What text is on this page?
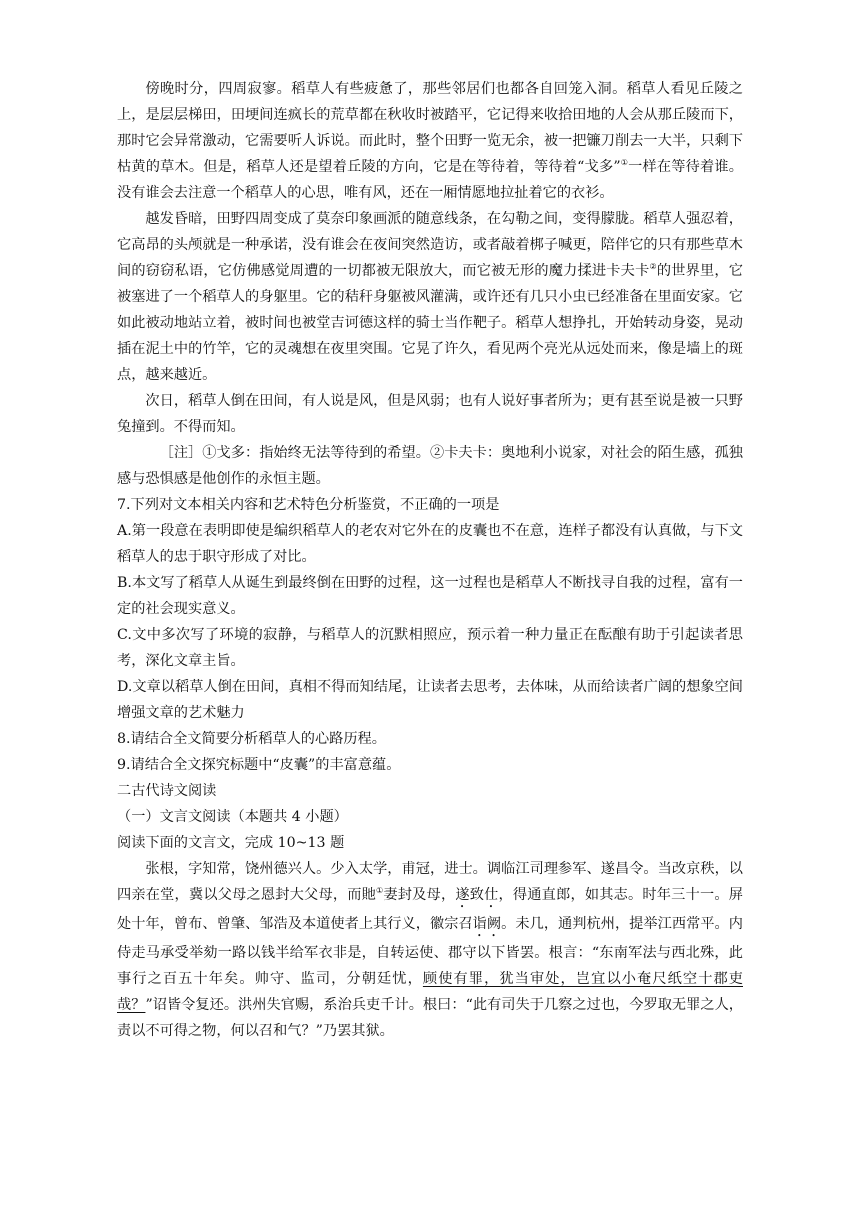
傍晚时分，四周寂寥。稻草人有些疲惫了，那些邻居们也都各自回笼入洞。稻草人看见丘陵之上，是层层梯田，田埂间连疯长的荒草都在秋收时被踏平，它记得来收拾田地的人会从那丘陵而下，那时它会异常激动，它需要听人诉说。而此时，整个田野一览无余，被一把镰刀削去一大半，只剩下枯黄的草木。但是，稻草人还是望着丘陵的方向，它是在等待着，等待着“戈多”①一样在等待着谁。没有谁会去注意一个稻草人的心思，唯有风，还在一厢情愿地拉扯着它的衣衫。

越发昏暗，田野四周变成了莫奈印象画派的随意线条，在勾勒之间，变得朦胧。稻草人强忍着，它高昂的头颅就是一种承诺，没有谁会在夜间突然造访，或者敲着梆子喊更，陪伴它的只有那些草木间的窃窃私语，它仿佛感觉周遭的一切都被无限放大，而它被无形的魔力揉进卡夫卡②的世界里，它被塞进了一个稻草人的身躯里。它的秸秆身躯被风灌满，或许还有几只小虫已经准备在里面安家。它如此被动地站立着，被时间也被堂吉诃德这样的骑士当作靶子。稻草人想挣扎，开始转动身姿，晃动插在泥土中的竹竿，它的灵魂想在夜里突围。它晃了许久，看见两个亮光从远处而来，像是墙上的斑点，越来越近。

次日，稻草人倒在田间，有人说是风，但是风弱；也有人说好事者所为；更有甚至说是被一只野兔撞到。不得而知。

［注］①戈多：指始终无法等待到的希望。②卡夫卡：奥地利小说家，对社会的陌生感，孤独感与恐惧感是他创作的永恒主题。

7.下列对文本相关内容和艺术特色分析鉴赏，不正确的一项是

A.第一段意在表明即使是编织稻草人的老农对它外在的皮囊也不在意，连样子都没有认真做，与下文稻草人的忠于职守形成了对比。

B.本文写了稻草人从诞生到最终倒在田野的过程，这一过程也是稻草人不断找寻自我的过程，富有一定的社会现实意义。

C.文中多次写了环境的寂静，与稻草人的沉默相照应，预示着一种力量正在酝酿有助于引起读者思考，深化文章主旨。

D.文章以稻草人倒在田间，真相不得而知结尾，让读者去思考，去体味，从而给读者广阔的想象空间增强文章的艺术魅力

8.请结合全文简要分析稻草人的心路历程。

9.请结合全文探究标题中“皮囊”的丰富意蕴。

二古代诗文阅读

（一）文言文阅读（本题共 4 小题）

阅读下面的文言文，完成 10~13 题

张根，字知常，饶州德兴人。少入太学，甫冠，进士。调临江司理参军、遂昌令。当改京秩，以四亲在堂，冀以父母之恩封大父母，而貤①妻封及母，遂致仕，得通直郎，如其志。时年三十一。屏处十年，曾布、曾肇、邹浩及本道使者上其行义，徽宗召诣阙。未几，通判杭州，提举江西常平。内侍走马承受举劾一路以钱半给军衣非是，自转运使、郡守以下皆罢。根言：“东南军法与西北殊，此事行之百五十年矣。帅守、监司，分朝廷忧，顾使有罪，犹当审处，岂宜以小奄尺纸空十郡吏哉？”诏皆令复还。洪州失官赐，系治兵吏千计。根曰：“此有司失于几察之过也，今罗取无罪之人，责以不可得之物，何以召和气？”乃罢其狱。
